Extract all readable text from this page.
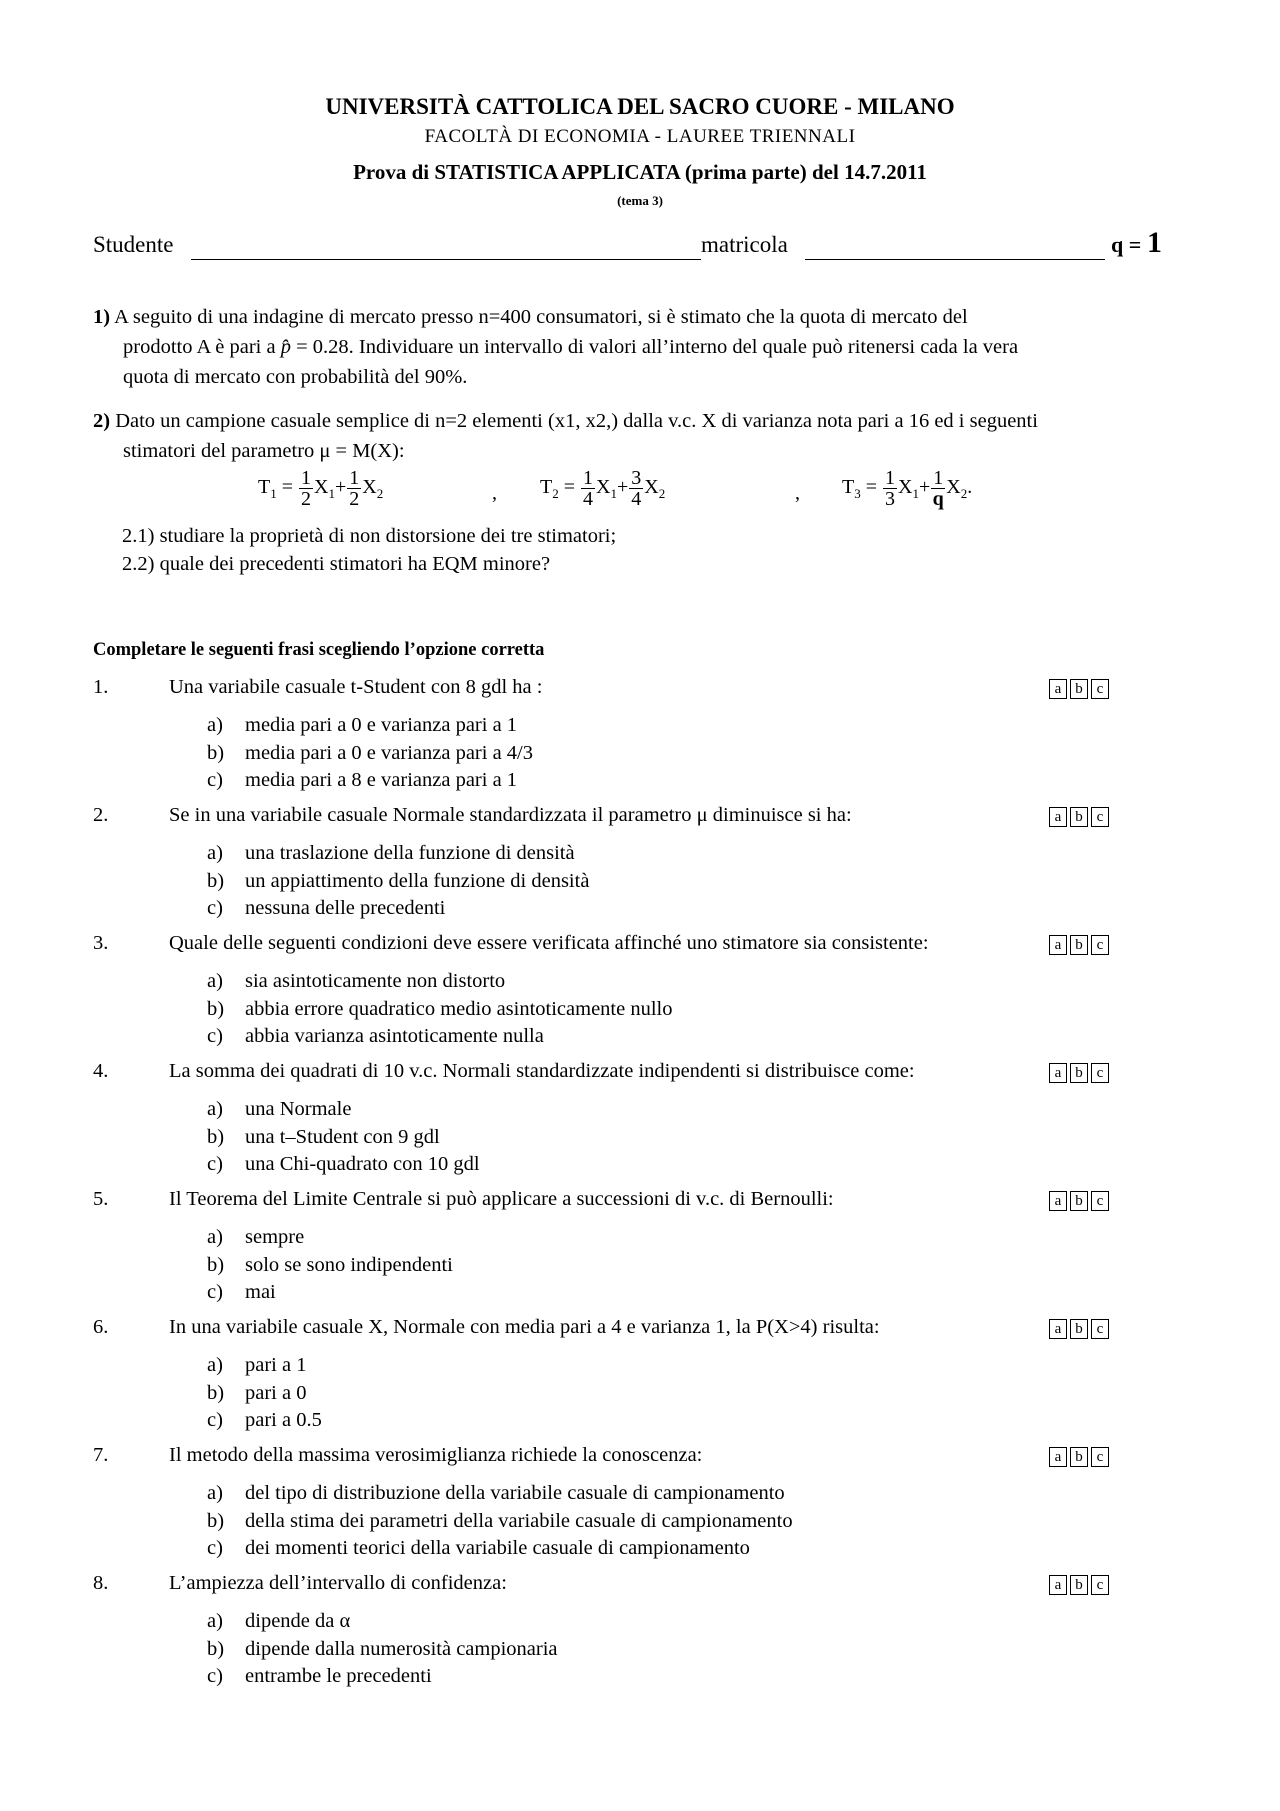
UNIVERSITÀ CATTOLICA DEL SACRO CUORE - MILANO
FACOLTÀ DI ECONOMIA - LAUREE TRIENNALI
Prova di STATISTICA APPLICATA (prima parte) del 14.7.2011
(tema 3)
Studente	matricola	q = 1
1) A seguito di una indagine di mercato presso n=400 consumatori, si è stimato che la quota di mercato del
prodotto A è pari a p̂ = 0.28. Individuare un intervallo di valori all’interno del quale può ritenersi cada la vera
quota di mercato con probabilità del 90%.
2) Dato un campione casuale semplice di n=2 elementi (x1, x2,) dalla v.c. X di varianza nota pari a 16 ed i seguenti
stimatori del parametro μ = M(X):
$T_1 = \frac{1}{2} X_1+ \frac{1}{2} X_2$	, $T_2 = \frac{1}{4} X_1+ \frac{3}{4} X_2$	, $T_3 = \frac{1}{3} X_1+ \frac{1}{q} X_2$.
2.1) studiare la proprietà di non distorsione dei tre stimatori;
2.2) quale dei precedenti stimatori ha EQM minore?
Completare le seguenti frasi scegliendo l’opzione corretta
1.	Una variabile casuale t-Student con 8 gdl ha :	a b c
a) media pari a 0 e varianza pari a 1
b) media pari a 0 e varianza pari a 4/3
c) media pari a 8 e varianza pari a 1
2.	Se in una variabile casuale Normale standardizzata il parametro μ diminuisce si ha:	a b c
a) una traslazione della funzione di densità
b) un appiattimento della funzione di densità
c) nessuna delle precedenti
3.	Quale delle seguenti condizioni deve essere verificata affinché uno stimatore sia consistente:	a b c
a) sia asintoticamente non distorto
b) abbia errore quadratico medio asintoticamente nullo
c) abbia varianza asintoticamente nulla
4.	La somma dei quadrati di 10 v.c. Normali standardizzate indipendenti si distribuisce come:	a b c
a) una Normale
b) una t–Student con 9 gdl
c) una Chi-quadrato con 10 gdl
5.	Il Teorema del Limite Centrale si può applicare a successioni di v.c. di Bernoulli:	a b c
a) sempre
b) solo se sono indipendenti
c) mai
6.	In una variabile casuale X, Normale con media pari a 4 e varianza 1, la P(X>4) risulta:	a b c
a) pari a 1
b) pari a 0
c) pari a 0.5
7.	Il metodo della massima verosimiglianza richiede la conoscenza:	a b c
a) del tipo di distribuzione della variabile casuale di campionamento
b) della stima dei parametri della variabile casuale di campionamento
c) dei momenti teorici della variabile casuale di campionamento
8.	L’ampiezza dell’intervallo di confidenza:	a b c
a) dipende da α
b) dipende dalla numerosità campionaria
c) entrambe le precedenti
